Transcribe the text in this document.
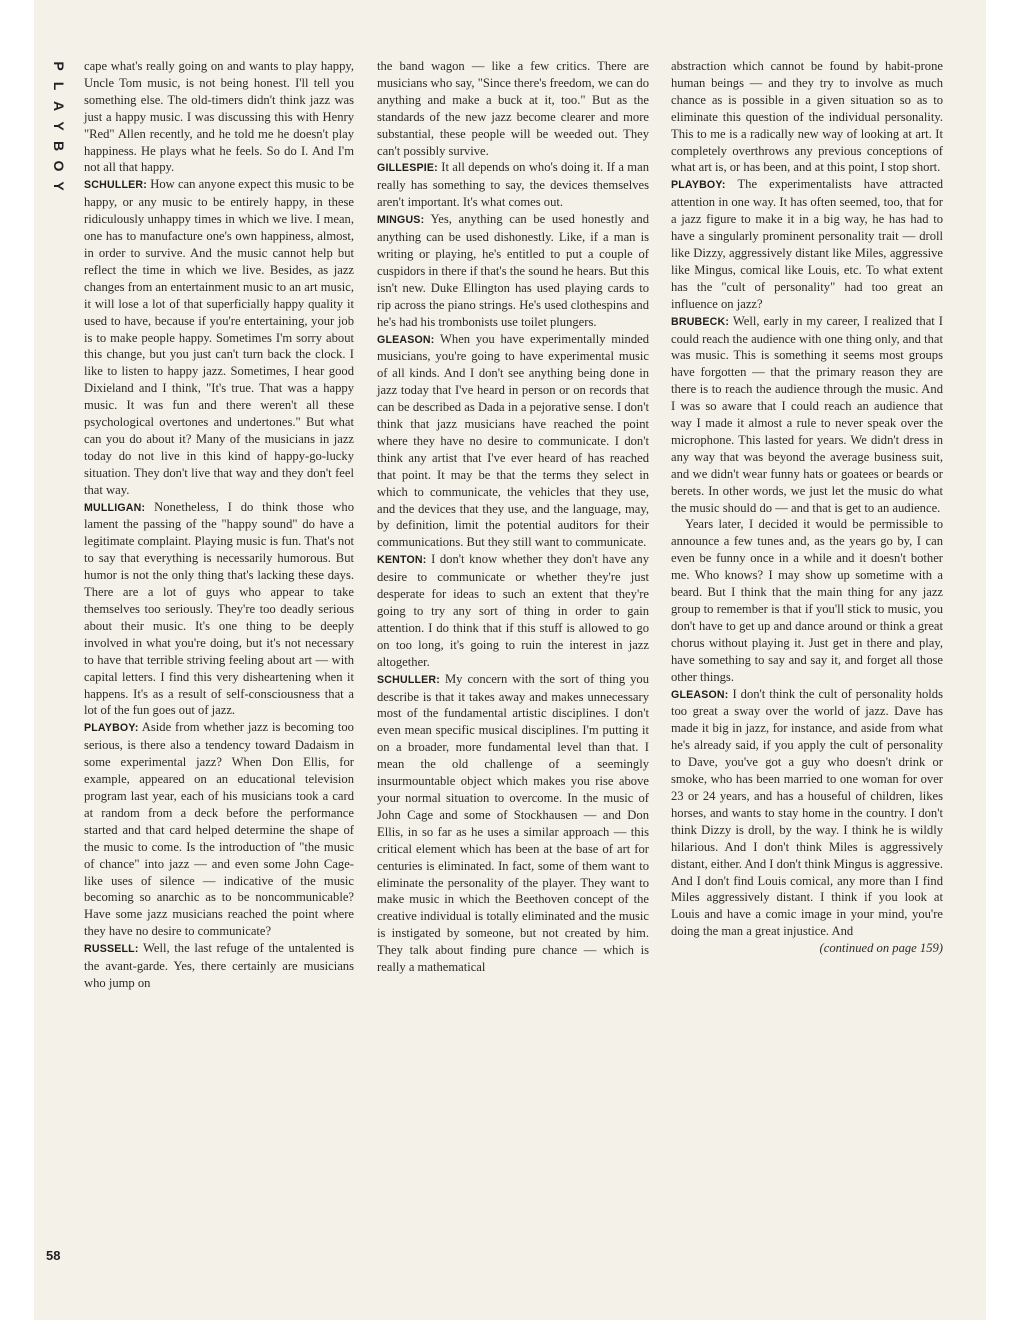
P
L
A
Y
B
O
Y
58

cape what's really going on and wants to play happy, Uncle Tom music, is not being honest. I'll tell you something else. The old-timers didn't think jazz was just a happy music. I was discussing this with Henry "Red" Allen recently, and he told me he doesn't play happiness. He plays what he feels. So do I. And I'm not all that happy.

SCHULLER: How can anyone expect this music to be happy, or any music to be entirely happy, in these ridiculously unhappy times in which we live. I mean, one has to manufacture one's own happiness, almost, in order to survive. And the music cannot help but reflect the time in which we live. Besides, as jazz changes from an entertainment music to an art music, it will lose a lot of that superficially happy quality it used to have, because if you're entertaining, your job is to make people happy. Sometimes I'm sorry about this change, but you just can't turn back the clock. I like to listen to happy jazz. Sometimes, I hear good Dixieland and I think, "It's true. That was a happy music. It was fun and there weren't all these psychological overtones and undertones." But what can you do about it? Many of the musicians in jazz today do not live in this kind of happy-go-lucky situation. They don't live that way and they don't feel that way.

MULLIGAN: Nonetheless, I do think those who lament the passing of the "happy sound" do have a legitimate complaint. Playing music is fun. That's not to say that everything is necessarily humorous. But humor is not the only thing that's lacking these days. There are a lot of guys who appear to take themselves too seriously. They're too deadly serious about their music. It's one thing to be deeply involved in what you're doing, but it's not necessary to have that terrible striving feeling about art — with capital letters. I find this very disheartening when it happens. It's as a result of self-consciousness that a lot of the fun goes out of jazz.

PLAYBOY: Aside from whether jazz is becoming too serious, is there also a tendency toward Dadaism in some experimental jazz? When Don Ellis, for example, appeared on an educational television program last year, each of his musicians took a card at random from a deck before the performance started and that card helped determine the shape of the music to come. Is the introduction of "the music of chance" into jazz — and even some John Cage-like uses of silence — indicative of the music becoming so anarchic as to be noncommunicable? Have some jazz musicians reached the point where they have no desire to communicate?

RUSSELL: Well, the last refuge of the untalented is the avant-garde. Yes, there certainly are musicians who jump on

the band wagon — like a few critics. There are musicians who say, "Since there's freedom, we can do anything and make a buck at it, too." But as the standards of the new jazz become clearer and more substantial, these people will be weeded out. They can't possibly survive.

GILLESPIE: It all depends on who's doing it. If a man really has something to say, the devices themselves aren't important. It's what comes out.

MINGUS: Yes, anything can be used honestly and anything can be used dishonestly. Like, if a man is writing or playing, he's entitled to put a couple of cuspidors in there if that's the sound he hears. But this isn't new. Duke Ellington has used playing cards to rip across the piano strings. He's used clothespins and he's had his trombonists use toilet plungers.

GLEASON: When you have experimentally minded musicians, you're going to have experimental music of all kinds. And I don't see anything being done in jazz today that I've heard in person or on records that can be described as Dada in a pejorative sense. I don't think that jazz musicians have reached the point where they have no desire to communicate. I don't think any artist that I've ever heard of has reached that point. It may be that the terms they select in which to communicate, the vehicles that they use, and the devices that they use, and the language, may, by definition, limit the potential auditors for their communications. But they still want to communicate.

KENTON: I don't know whether they don't have any desire to communicate or whether they're just desperate for ideas to such an extent that they're going to try any sort of thing in order to gain attention. I do think that if this stuff is allowed to go on too long, it's going to ruin the interest in jazz altogether.

SCHULLER: My concern with the sort of thing you describe is that it takes away and makes unnecessary most of the fundamental artistic disciplines. I don't even mean specific musical disciplines. I'm putting it on a broader, more fundamental level than that. I mean the old challenge of a seemingly insurmountable object which makes you rise above your normal situation to overcome. In the music of John Cage and some of Stockhausen — and Don Ellis, in so far as he uses a similar approach — this critical element which has been at the base of art for centuries is eliminated. In fact, some of them want to eliminate the personality of the player. They want to make music in which the Beethoven concept of the creative individual is totally eliminated and the music is instigated by someone, but not created by him. They talk about finding pure chance — which is really a mathematical

abstraction which cannot be found by habit-prone human beings — and they try to involve as much chance as is possible in a given situation so as to eliminate this question of the individual personality. This to me is a radically new way of looking at art. It completely overthrows any previous conceptions of what art is, or has been, and at this point, I stop short.

PLAYBOY: The experimentalists have attracted attention in one way. It has often seemed, too, that for a jazz figure to make it in a big way, he has had to have a singularly prominent personality trait — droll like Dizzy, aggressively distant like Miles, aggressive like Mingus, comical like Louis, etc. To what extent has the "cult of personality" had too great an influence on jazz?

BRUBECK: Well, early in my career, I realized that I could reach the audience with one thing only, and that was music. This is something it seems most groups have forgotten — that the primary reason they are there is to reach the audience through the music. And I was so aware that I could reach an audience that way I made it almost a rule to never speak over the microphone. This lasted for years. We didn't dress in any way that was beyond the average business suit, and we didn't wear funny hats or goatees or beards or berets. In other words, we just let the music do what the music should do — and that is get to an audience.

Years later, I decided it would be permissible to announce a few tunes and, as the years go by, I can even be funny once in a while and it doesn't bother me. Who knows? I may show up sometime with a beard. But I think that the main thing for any jazz group to remember is that if you'll stick to music, you don't have to get up and dance around or think a great chorus without playing it. Just get in there and play, have something to say and say it, and forget all those other things.

GLEASON: I don't think the cult of personality holds too great a sway over the world of jazz. Dave has made it big in jazz, for instance, and aside from what he's already said, if you apply the cult of personality to Dave, you've got a guy who doesn't drink or smoke, who has been married to one woman for over 23 or 24 years, and has a houseful of children, likes horses, and wants to stay home in the country. I don't think Dizzy is droll, by the way. I think he is wildly hilarious. And I don't think Miles is aggressively distant, either. And I don't think Mingus is aggressive. And I don't find Louis comical, any more than I find Miles aggressively distant. I think if you look at Louis and have a comic image in your mind, you're doing the man a great injustice. And

(continued on page 159)
